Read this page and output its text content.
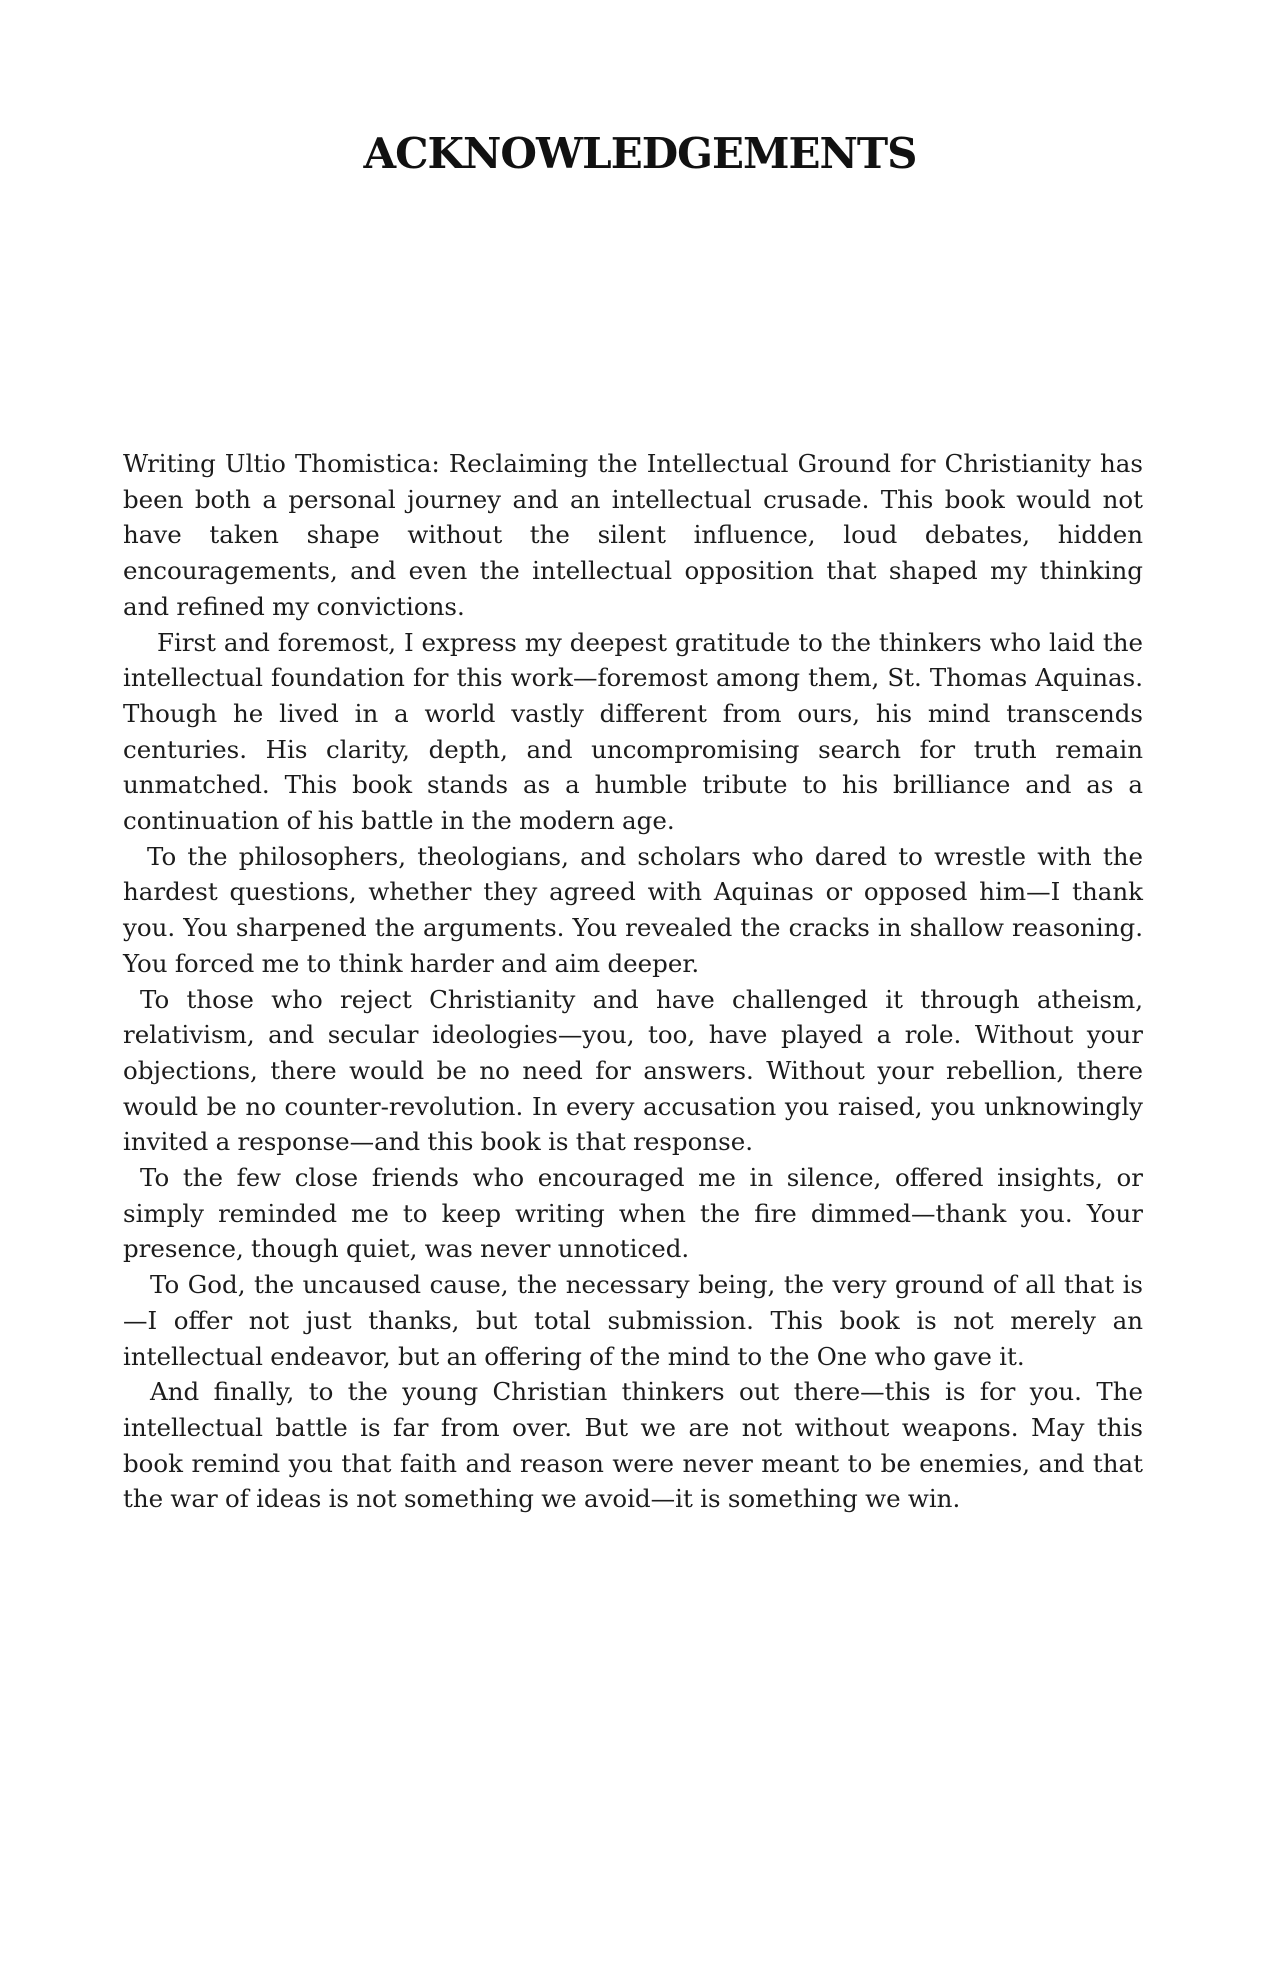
ACKNOWLEDGEMENTS

Writing Ultio Thomistica: Reclaiming the Intellectual Ground for Christianity has been both a personal journey and an intellectual crusade. This book would not have taken shape without the silent influence, loud debates, hidden encouragements, and even the intellectual opposition that shaped my thinking and refined my convictions.

First and foremost, I express my deepest gratitude to the thinkers who laid the intellectual foundation for this work—foremost among them, St. Thomas Aquinas. Though he lived in a world vastly different from ours, his mind transcends centuries. His clarity, depth, and uncompromising search for truth remain unmatched. This book stands as a humble tribute to his brilliance and as a continuation of his battle in the modern age.

To the philosophers, theologians, and scholars who dared to wrestle with the hardest questions, whether they agreed with Aquinas or opposed him—I thank you. You sharpened the arguments. You revealed the cracks in shallow reasoning. You forced me to think harder and aim deeper.

To those who reject Christianity and have challenged it through atheism, relativism, and secular ideologies—you, too, have played a role. Without your objections, there would be no need for answers. Without your rebellion, there would be no counter-revolution. In every accusation you raised, you unknowingly invited a response—and this book is that response.

To the few close friends who encouraged me in silence, offered insights, or simply reminded me to keep writing when the fire dimmed—thank you. Your presence, though quiet, was never unnoticed.

To God, the uncaused cause, the necessary being, the very ground of all that is—I offer not just thanks, but total submission. This book is not merely an intellectual endeavor, but an offering of the mind to the One who gave it.

And finally, to the young Christian thinkers out there—this is for you. The intellectual battle is far from over. But we are not without weapons. May this book remind you that faith and reason were never meant to be enemies, and that the war of ideas is not something we avoid—it is something we win.
